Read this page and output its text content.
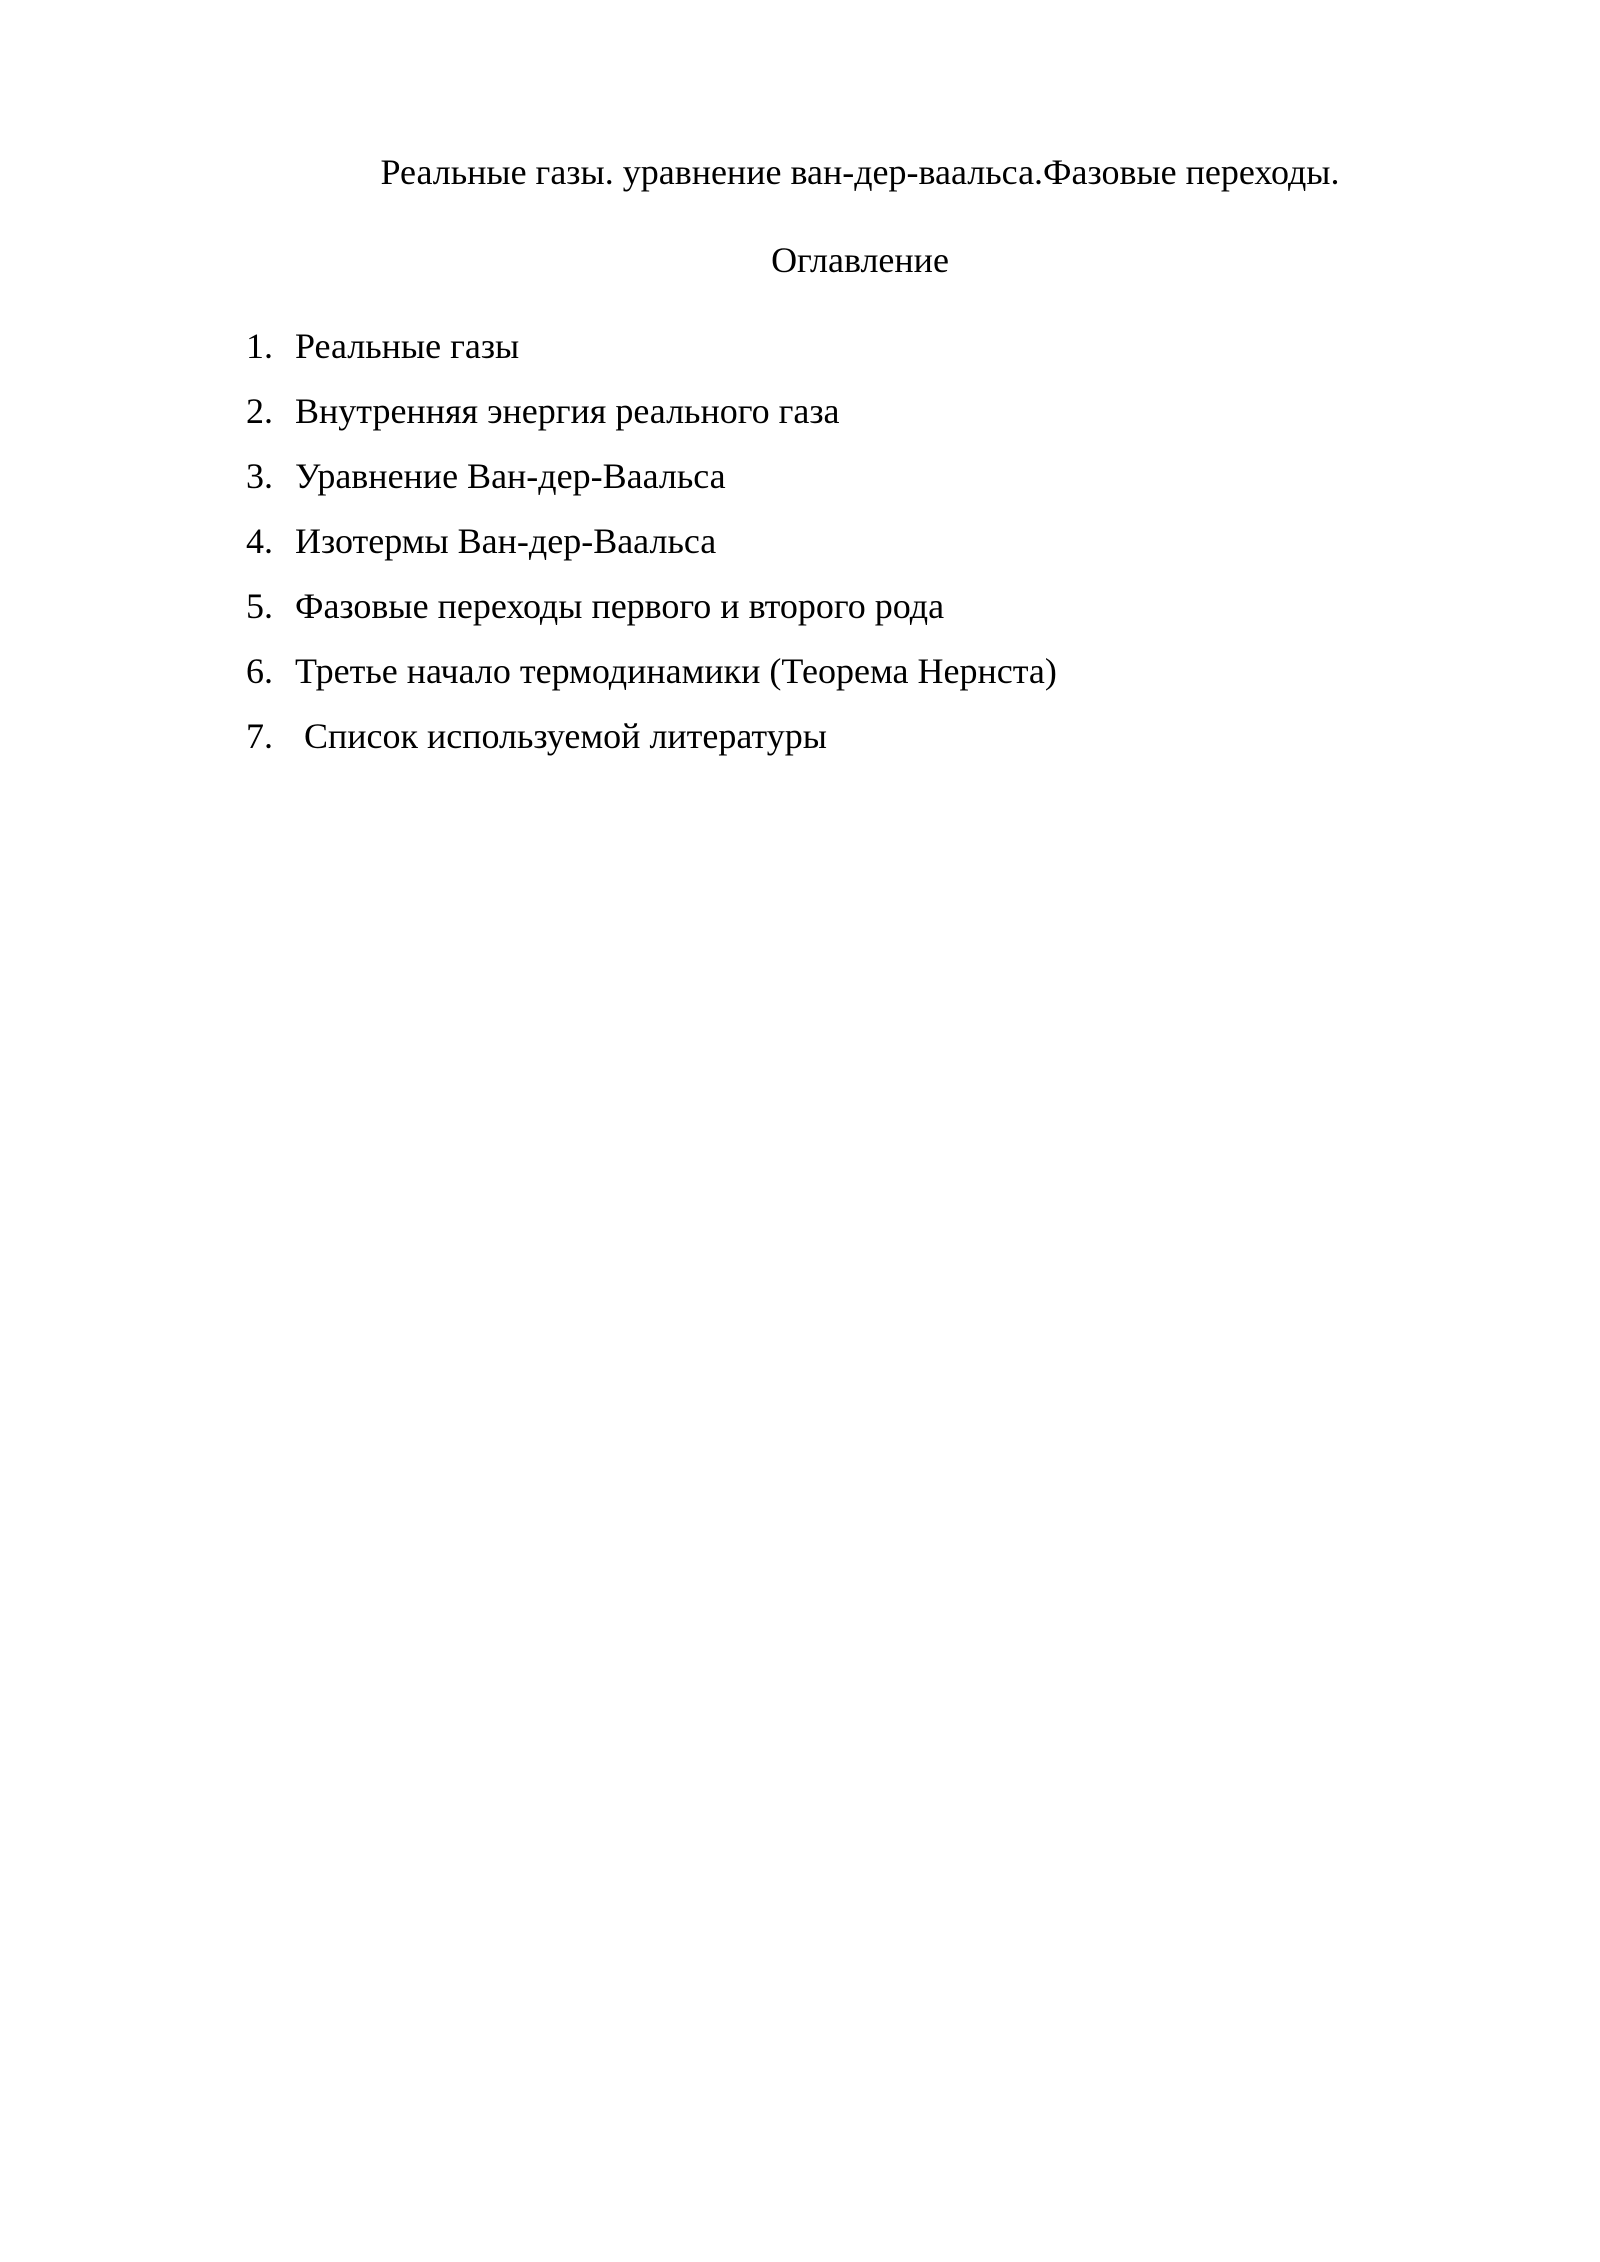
Реальные газы. уравнение ван-дер-ваальса.Фазовые переходы.
Оглавление
1. Реальные газы
2. Внутренняя энергия реального газа
3. Уравнение Ван-дер-Ваальса
4. Изотермы Ван-дер-Ваальса
5. Фазовые переходы первого и второго рода
6. Третье начало термодинамики (Теорема Нернста)
7. Список используемой литературы
